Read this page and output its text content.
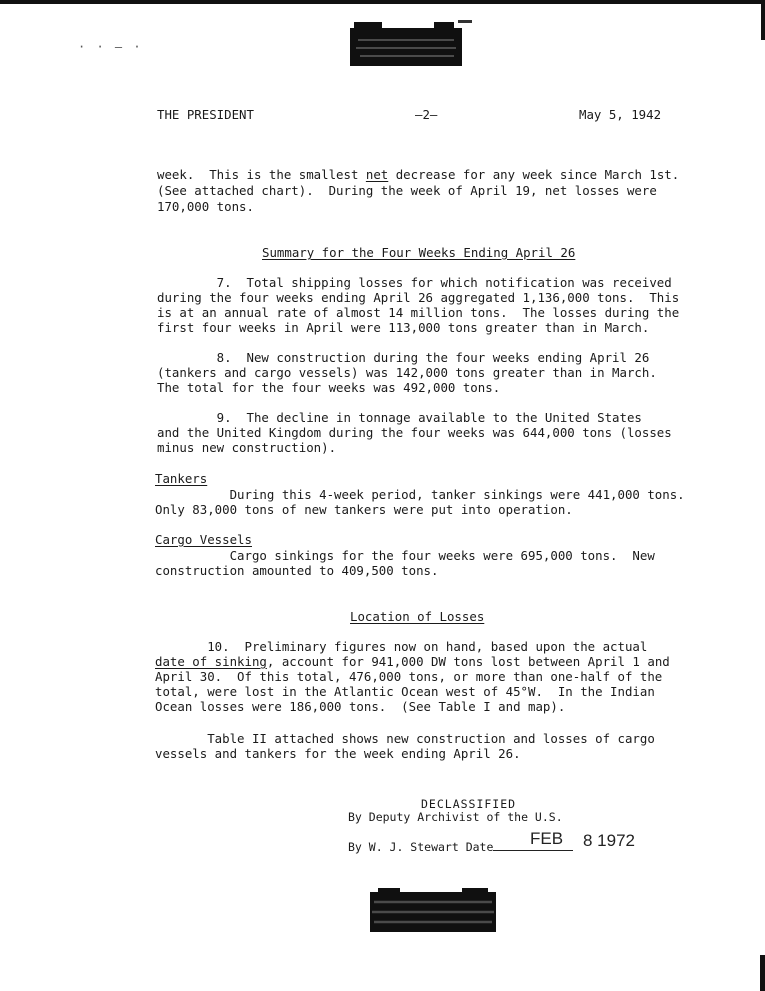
· · — ·
THE PRESIDENT	—2—	May 5, 1942
week.  This is the smallest net decrease for any week since March 1st.
(See attached chart).  During the week of April 19, net losses were
170,000 tons.
Summary for the Four Weeks Ending April 26
7.  Total shipping losses for which notification was received
during the four weeks ending April 26 aggregated 1,136,000 tons.  This
is at an annual rate of almost 14 million tons.  The losses during the
first four weeks in April were 113,000 tons greater than in March.
8.  New construction during the four weeks ending April 26
(tankers and cargo vessels) was 142,000 tons greater than in March.
The total for the four weeks was 492,000 tons.
9.  The decline in tonnage available to the United States
and the United Kingdom during the four weeks was 644,000 tons (losses
minus new construction).
Tankers
During this 4-week period, tanker sinkings were 441,000 tons.
Only 83,000 tons of new tankers were put into operation.
Cargo Vessels
Cargo sinkings for the four weeks were 695,000 tons.  New
construction amounted to 409,500 tons.
Location of Losses
10.  Preliminary figures now on hand, based upon the actual
date of sinking, account for 941,000 DW tons lost between April 1 and
April 30.  Of this total, 476,000 tons, or more than one-half of the
total, were lost in the Atlantic Ocean west of 45°W.  In the Indian
Ocean losses were 186,000 tons.  (See Table I and map).
Table II attached shows new construction and losses of cargo
vessels and tankers for the week ending April 26.
DECLASSIFIED
By Deputy Archivist of the U.S.
By W. J. Stewart Date	FEB 8 1972
